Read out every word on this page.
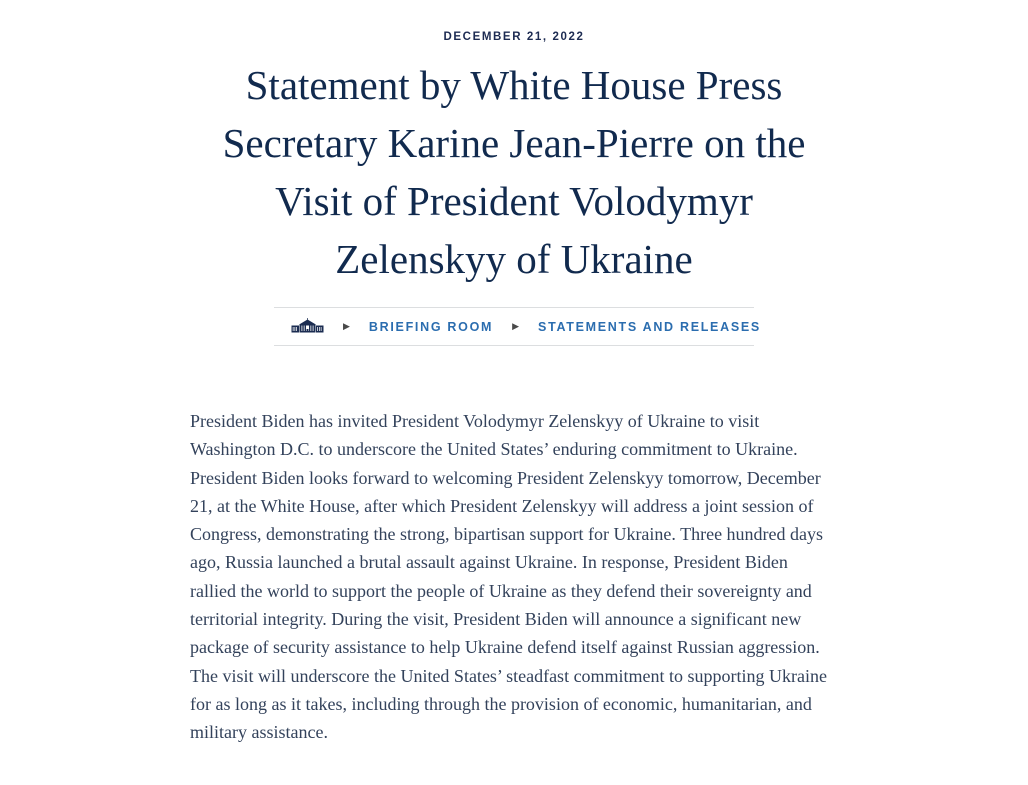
DECEMBER 21, 2022
Statement by White House Press
Secretary Karine Jean-Pierre on the
Visit of President Volodymyr
Zelenskyy of Ukraine
▶ BRIEFING ROOM ▶ STATEMENTS AND RELEASES

President Biden has invited President Volodymyr Zelenskyy of Ukraine to visit Washington D.C. to underscore the United States’ enduring commitment to Ukraine. President Biden looks forward to welcoming President Zelenskyy tomorrow, December 21, at the White House, after which President Zelenskyy will address a joint session of Congress, demonstrating the strong, bipartisan support for Ukraine. Three hundred days ago, Russia launched a brutal assault against Ukraine. In response, President Biden rallied the world to support the people of Ukraine as they defend their sovereignty and territorial integrity. During the visit, President Biden will announce a significant new package of security assistance to help Ukraine defend itself against Russian aggression. The visit will underscore the United States’ steadfast commitment to supporting Ukraine for as long as it takes, including through the provision of economic, humanitarian, and military assistance.
